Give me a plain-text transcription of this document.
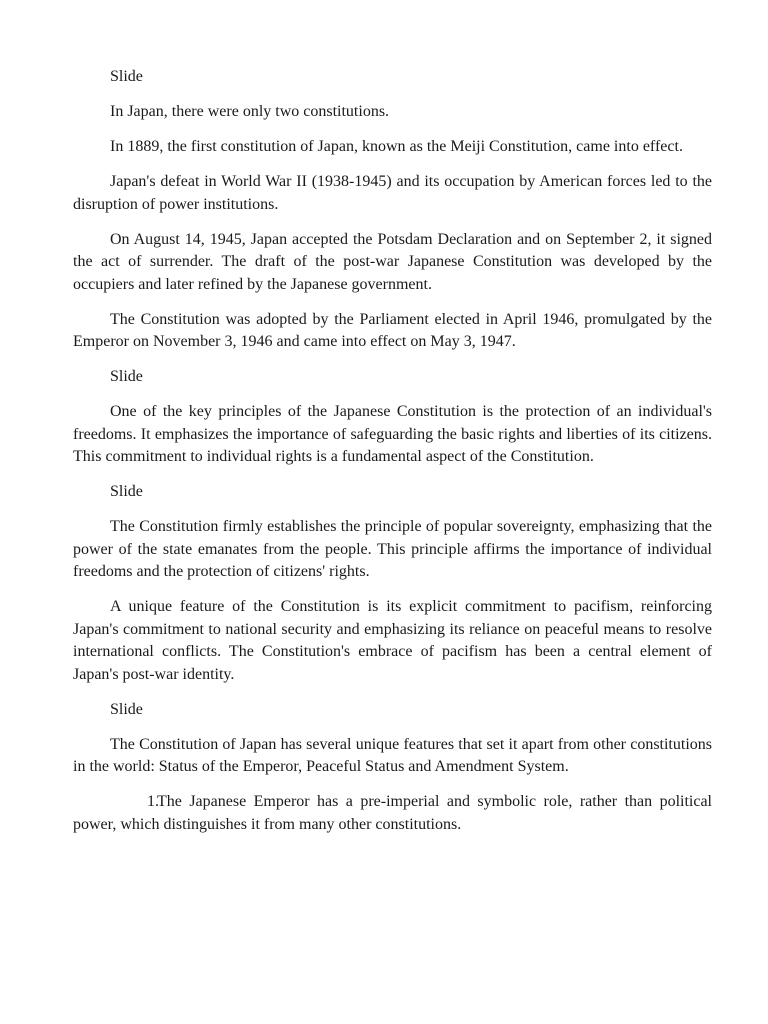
Slide

In Japan, there were only two constitutions.

In 1889, the first constitution of Japan, known as the Meiji Constitution, came into effect.

Japan's defeat in World War II (1938-1945) and its occupation by American forces led to the disruption of power institutions.

On August 14, 1945, Japan accepted the Potsdam Declaration and on September 2, it signed the act of surrender. The draft of the post-war Japanese Constitution was developed by the occupiers and later refined by the Japanese government.

The Constitution was adopted by the Parliament elected in April 1946, promulgated by the Emperor on November 3, 1946 and came into effect on May 3, 1947.

Slide

One of the key principles of the Japanese Constitution is the protection of an individual's freedoms. It emphasizes the importance of safeguarding the basic rights and liberties of its citizens. This commitment to individual rights is a fundamental aspect of the Constitution.

Slide

The Constitution firmly establishes the principle of popular sovereignty, emphasizing that the power of the state emanates from the people. This principle affirms the importance of individual freedoms and the protection of citizens' rights.

A unique feature of the Constitution is its explicit commitment to pacifism, reinforcing Japan's commitment to national security and emphasizing its reliance on peaceful means to resolve international conflicts. The Constitution's embrace of pacifism has been a central element of Japan's post-war identity.

Slide

The Constitution of Japan has several unique features that set it apart from other constitutions in the world: Status of the Emperor, Peaceful Status and Amendment System.

1.The Japanese Emperor has a pre-imperial and symbolic role, rather than political power, which distinguishes it from many other constitutions.
